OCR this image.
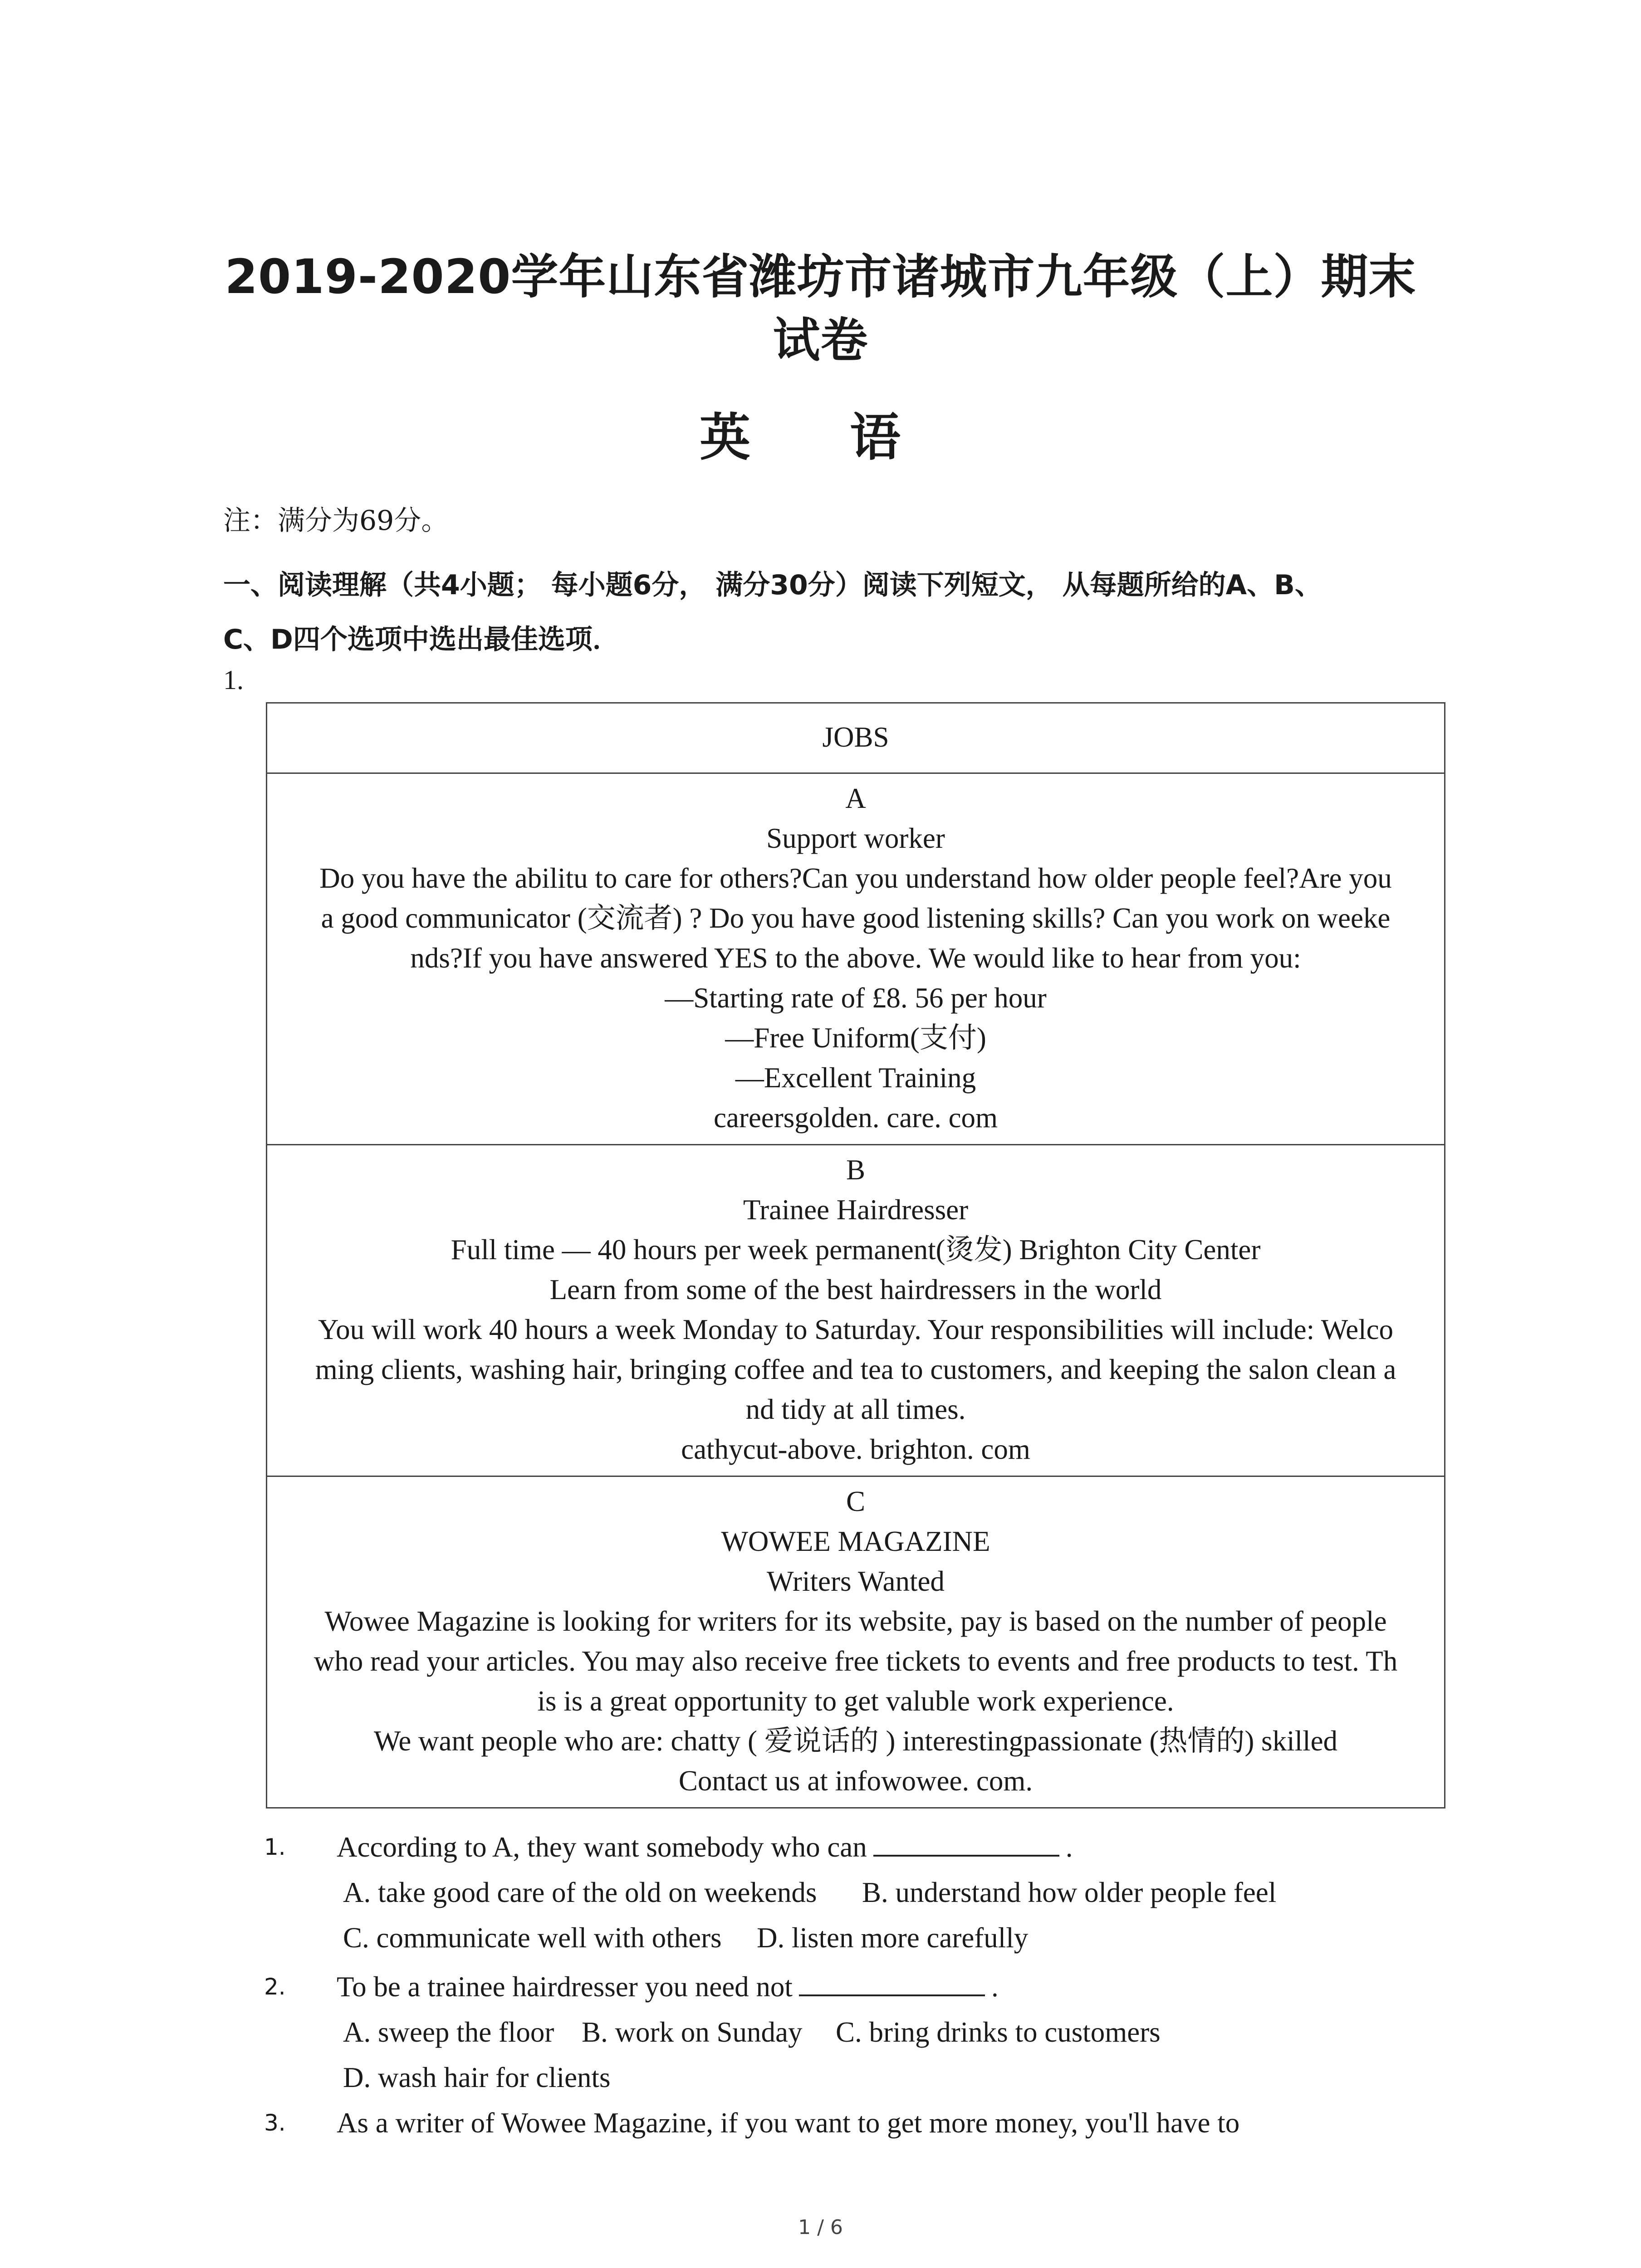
2019-2020学年山东省潍坊市诸城市九年级（上）期末
试卷
英 语
注：满分为69分。
一、阅读理解（共4小题； 每小题6分， 满分30分）阅读下列短文， 从每题所给的A、B、
C、D四个选项中选出最佳选项．
1.
JOBS

A
Support worker
Do you have the abilitu to care for others?Can you understand how older people feel?Are you
a good communicator (交流者) ? Do you have good listening skills? Can you work on weeke
nds?If you have answered YES to the above. We would like to hear from you:
—Starting rate of £8. 56 per hour
—Free Uniform(支付)
—Excellent Training
careersgolden. care. com

B
Trainee Hairdresser
Full time — 40 hours per week permanent(烫发) Brighton City Center
Learn from some of the best hairdressers in the world
You will work 40 hours a week Monday to Saturday. Your responsibilities will include: Welco
ming clients, washing hair, bringing coffee and tea to customers, and keeping the salon clean a
nd tidy at all times.
cathycut-above. brighton. com

C
WOWEE MAGAZINE
Writers Wanted
Wowee Magazine is looking for writers for its website, pay is based on the number of people
who read your articles. You may also receive free tickets to events and free products to test. Th
is is a great opportunity to get valuble work experience.
We want people who are: chatty ( 爱说话的 ) interestingpassionate (热情的) skilled
Contact us at infowowee. com.
1. According to A, they want somebody who can	.
A. take good care of the old on weekends B. understand how older people feel
C. communicate well with others D. listen more carefully
2. To be a trainee hairdresser you need not	.
A. sweep the floor B. work on Sunday C. bring drinks to customers
D. wash hair for clients
3. As a writer of Wowee Magazine, if you want to get more money, you'll have to
1 / 6
